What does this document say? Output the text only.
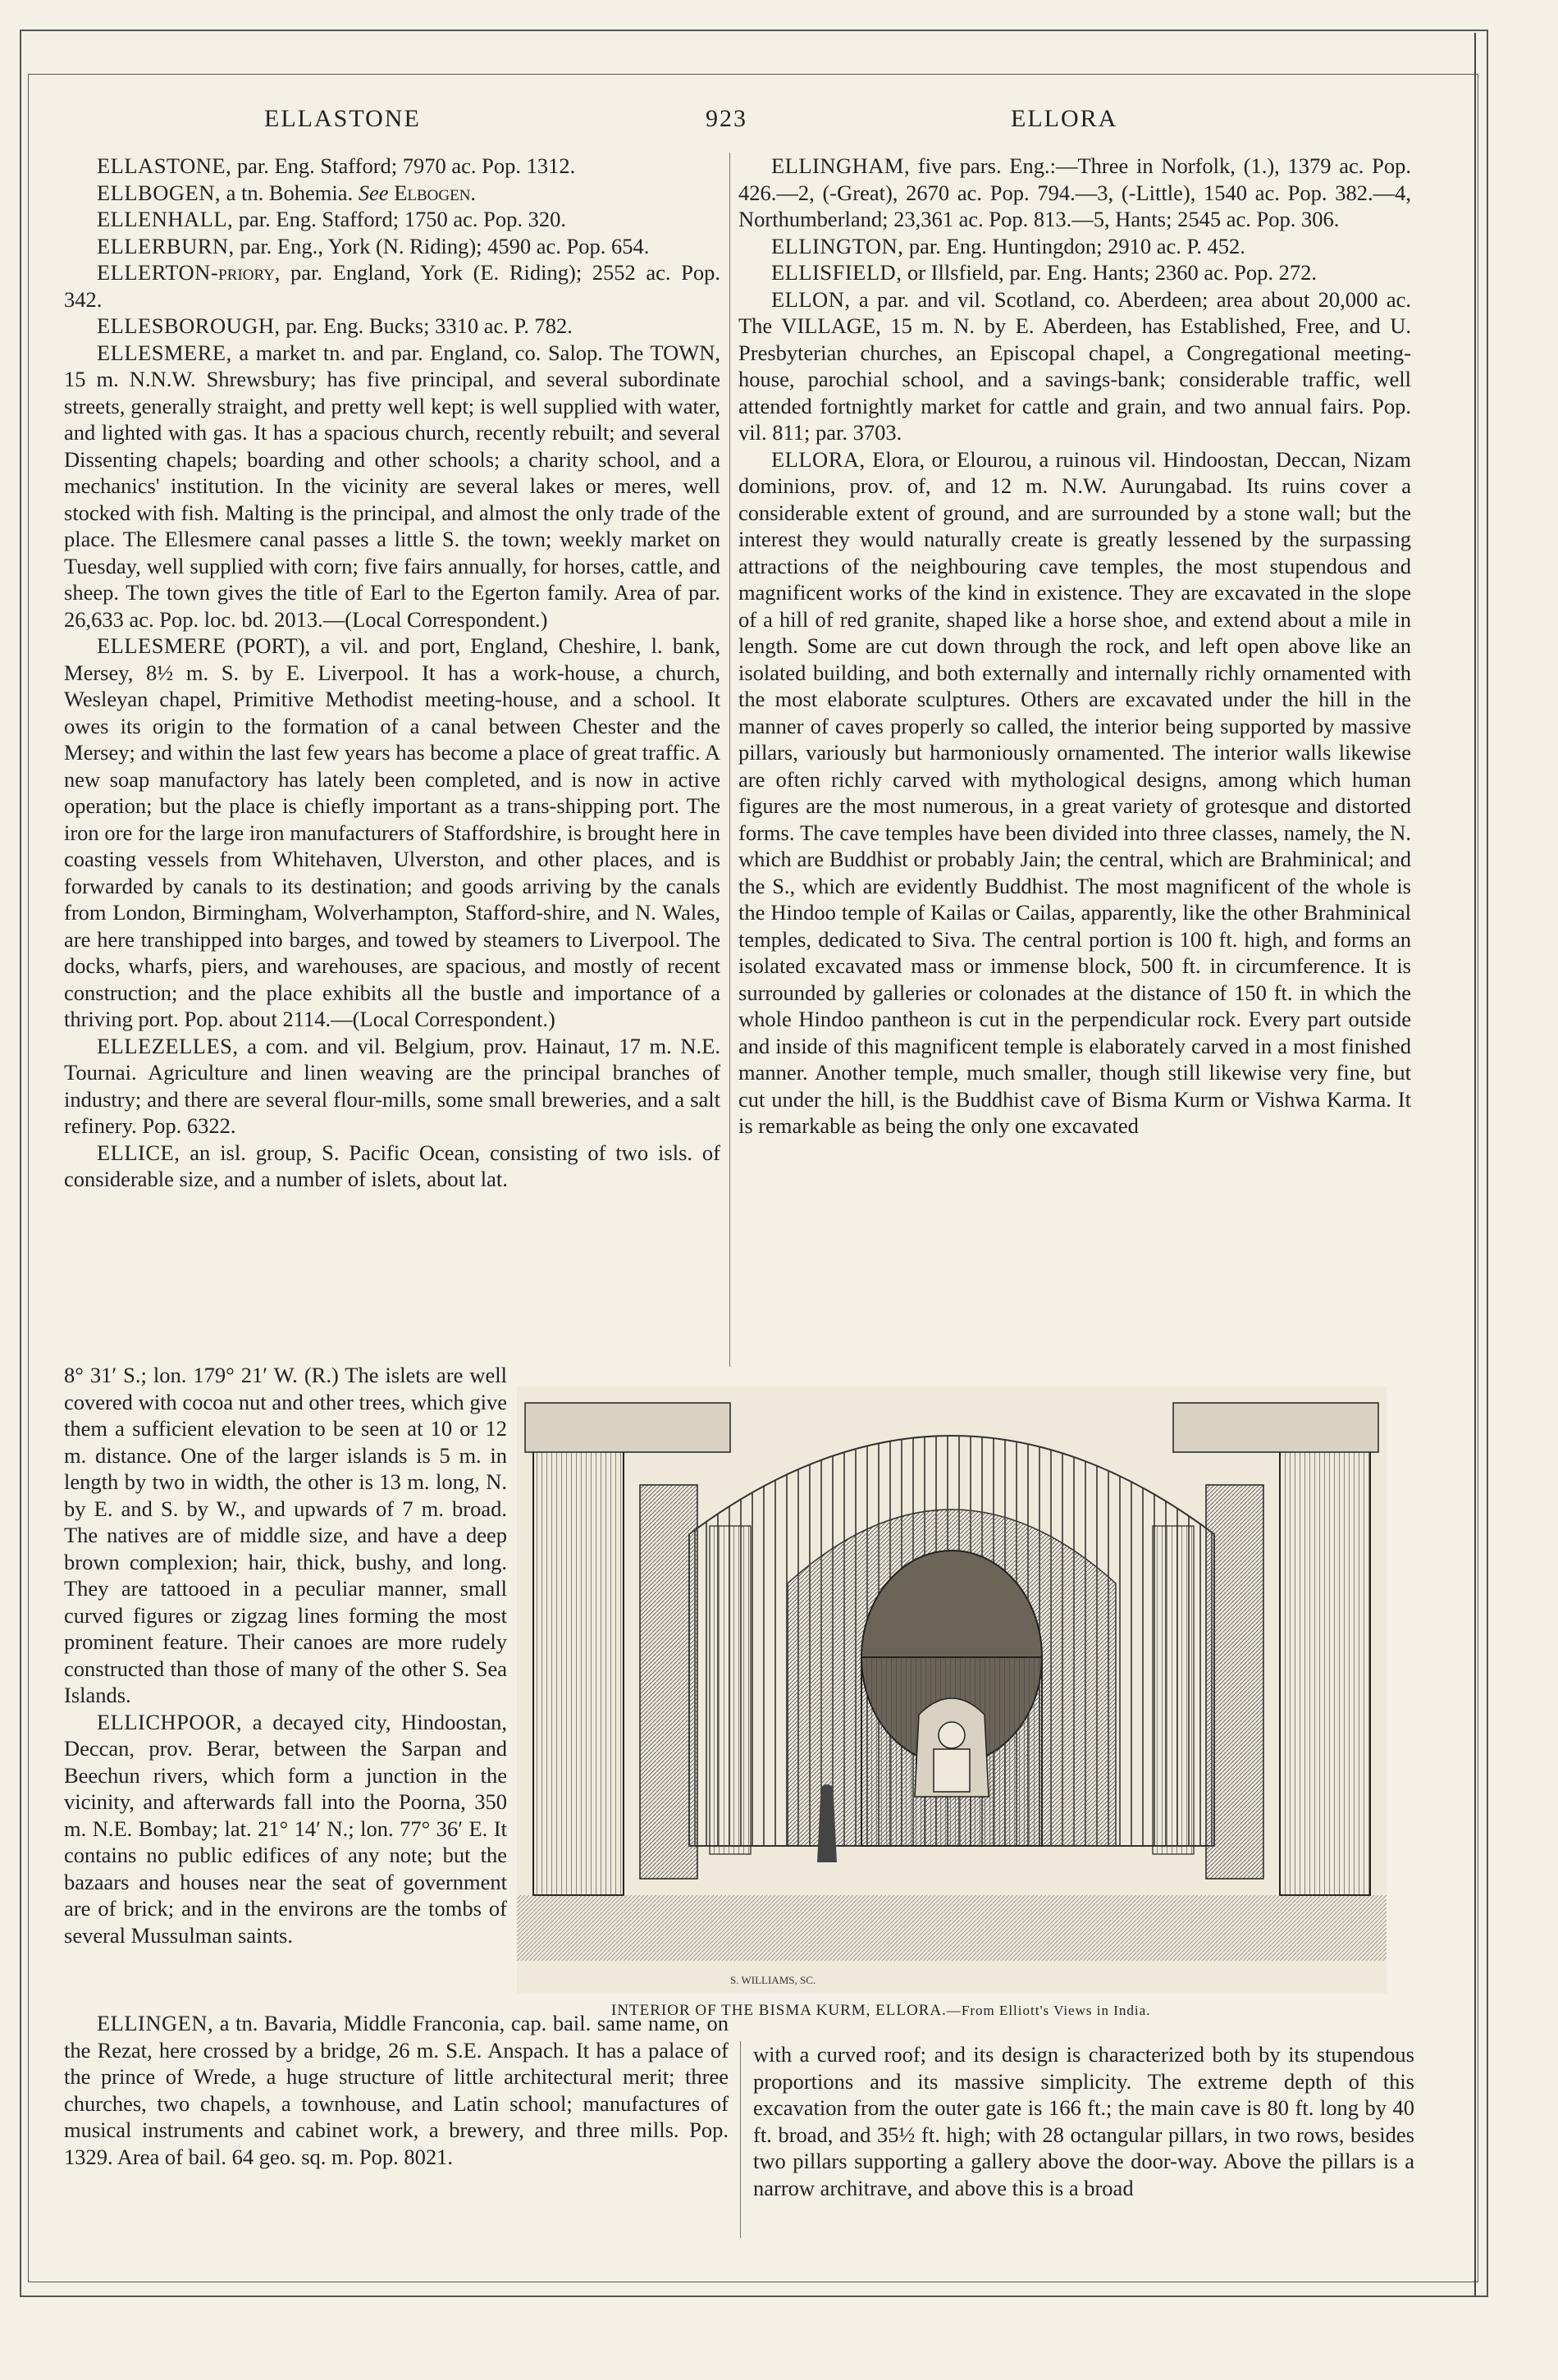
ELLASTONE	923	ELLORA

ELLASTONE, par. Eng. Stafford; 7970 ac. Pop. 1312.

ELLBOGEN, a tn. Bohemia. See Elbogen.

ELLENHALL, par. Eng. Stafford; 1750 ac. Pop. 320.

ELLERBURN, par. Eng., York (N. Riding); 4590 ac. Pop. 654.

ELLERTON-priory, par. England, York (E. Riding); 2552 ac. Pop. 342.

ELLESBOROUGH, par. Eng. Bucks; 3310 ac. P. 782.

ELLESMERE, a market tn. and par. England, co. Salop. The TOWN, 15 m. N.N.W. Shrewsbury; has five principal, and several subordinate streets, generally straight, and pretty well kept; is well supplied with water, and lighted with gas. It has a spacious church, recently rebuilt; and several Dissenting chapels; boarding and other schools; a charity school, and a mechanics' institution. In the vicinity are several lakes or meres, well stocked with fish. Malting is the principal, and almost the only trade of the place. The Ellesmere canal passes a little S. the town; weekly market on Tuesday, well supplied with corn; five fairs annually, for horses, cattle, and sheep. The town gives the title of Earl to the Egerton family. Area of par. 26,633 ac. Pop. loc. bd. 2013.—(Local Correspondent.)

ELLESMERE (PORT), a vil. and port, England, Cheshire, l. bank, Mersey, 8½ m. S. by E. Liverpool. It has a work-house, a church, Wesleyan chapel, Primitive Methodist meeting-house, and a school. It owes its origin to the formation of a canal between Chester and the Mersey; and within the last few years has become a place of great traffic. A new soap manufactory has lately been completed, and is now in active operation; but the place is chiefly important as a trans-shipping port. The iron ore for the large iron manufacturers of Staffordshire, is brought here in coasting vessels from Whitehaven, Ulverston, and other places, and is forwarded by canals to its destination; and goods arriving by the canals from London, Birmingham, Wolverhampton, Stafford-shire, and N. Wales, are here transhipped into barges, and towed by steamers to Liverpool. The docks, wharfs, piers, and warehouses, are spacious, and mostly of recent construction; and the place exhibits all the bustle and importance of a thriving port. Pop. about 2114.—(Local Correspondent.)

ELLEZELLES, a com. and vil. Belgium, prov. Hainaut, 17 m. N.E. Tournai. Agriculture and linen weaving are the principal branches of industry; and there are several flour-mills, some small breweries, and a salt refinery. Pop. 6322.

ELLICE, an isl. group, S. Pacific Ocean, consisting of two isls. of considerable size, and a number of islets, about lat.

8° 31′ S.; lon. 179° 21′ W. (R.) The islets are well covered with cocoa nut and other trees, which give them a sufficient elevation to be seen at 10 or 12 m. distance. One of the larger islands is 5 m. in length by two in width, the other is 13 m. long, N. by E. and S. by W., and upwards of 7 m. broad. The natives are of middle size, and have a deep brown complexion; hair, thick, bushy, and long. They are tattooed in a peculiar manner, small curved figures or zigzag lines forming the most prominent feature. Their canoes are more rudely constructed than those of many of the other S. Sea Islands.

ELLICHPOOR, a decayed city, Hindoostan, Deccan, prov. Berar, between the Sarpan and Beechun rivers, which form a junction in the vicinity, and afterwards fall into the Poorna, 350 m. N.E. Bombay; lat. 21° 14′ N.; lon. 77° 36′ E. It contains no public edifices of any note; but the bazaars and houses near the seat of government are of brick; and in the environs are the tombs of several Mussulman saints.

ELLINGHAM, five pars. Eng.:—Three in Norfolk, (1.), 1379 ac. Pop. 426.—2, (-Great), 2670 ac. Pop. 794.—3, (-Little), 1540 ac. Pop. 382.—4, Northumberland; 23,361 ac. Pop. 813.—5, Hants; 2545 ac. Pop. 306.

ELLINGTON, par. Eng. Huntingdon; 2910 ac. P. 452.

ELLISFIELD, or Illsfield, par. Eng. Hants; 2360 ac. Pop. 272.

ELLON, a par. and vil. Scotland, co. Aberdeen; area about 20,000 ac. The VILLAGE, 15 m. N. by E. Aberdeen, has Established, Free, and U. Presbyterian churches, an Episcopal chapel, a Congregational meeting-house, parochial school, and a savings-bank; considerable traffic, well attended fortnightly market for cattle and grain, and two annual fairs. Pop. vil. 811; par. 3703.

ELLORA, Elora, or Elourou, a ruinous vil. Hindoostan, Deccan, Nizam dominions, prov. of, and 12 m. N.W. Aurungabad. Its ruins cover a considerable extent of ground, and are surrounded by a stone wall; but the interest they would naturally create is greatly lessened by the surpassing attractions of the neighbouring cave temples, the most stupendous and magnificent works of the kind in existence. They are excavated in the slope of a hill of red granite, shaped like a horse shoe, and extend about a mile in length. Some are cut down through the rock, and left open above like an isolated building, and both externally and internally richly ornamented with the most elaborate sculptures. Others are excavated under the hill in the manner of caves properly so called, the interior being supported by massive pillars, variously but harmoniously ornamented. The interior walls likewise are often richly carved with mythological designs, among which human figures are the most numerous, in a great variety of grotesque and distorted forms. The cave temples have been divided into three classes, namely, the N. which are Buddhist or probably Jain; the central, which are Brahminical; and the S., which are evidently Buddhist. The most magnificent of the whole is the Hindoo temple of Kailas or Cailas, apparently, like the other Brahminical temples, dedicated to Siva. The central portion is 100 ft. high, and forms an isolated excavated mass or immense block, 500 ft. in circumference. It is surrounded by galleries or colonades at the distance of 150 ft. in which the whole Hindoo pantheon is cut in the perpendicular rock. Every part outside and inside of this magnificent temple is elaborately carved in a most finished manner. Another temple, much smaller, though still likewise very fine, but cut under the hill, is the Buddhist cave of Bisma Kurm or Vishwa Karma. It is remarkable as being the only one excavated

S. WILLIAMS, SC.
INTERIOR OF THE BISMA KURM, ELLORA.—From Elliott's Views in India.

ELLINGEN, a tn. Bavaria, Middle Franconia, cap. bail. same name, on the Rezat, here crossed by a bridge, 26 m. S.E. Anspach. It has a palace of the prince of Wrede, a huge structure of little architectural merit; three churches, two chapels, a townhouse, and Latin school; manufactures of musical instruments and cabinet work, a brewery, and three mills. Pop. 1329. Area of bail. 64 geo. sq. m. Pop. 8021.

with a curved roof; and its design is characterized both by its stupendous proportions and its massive simplicity. The extreme depth of this excavation from the outer gate is 166 ft.; the main cave is 80 ft. long by 40 ft. broad, and 35½ ft. high; with 28 octangular pillars, in two rows, besides two pillars supporting a gallery above the door-way. Above the pillars is a narrow architrave, and above this is a broad
